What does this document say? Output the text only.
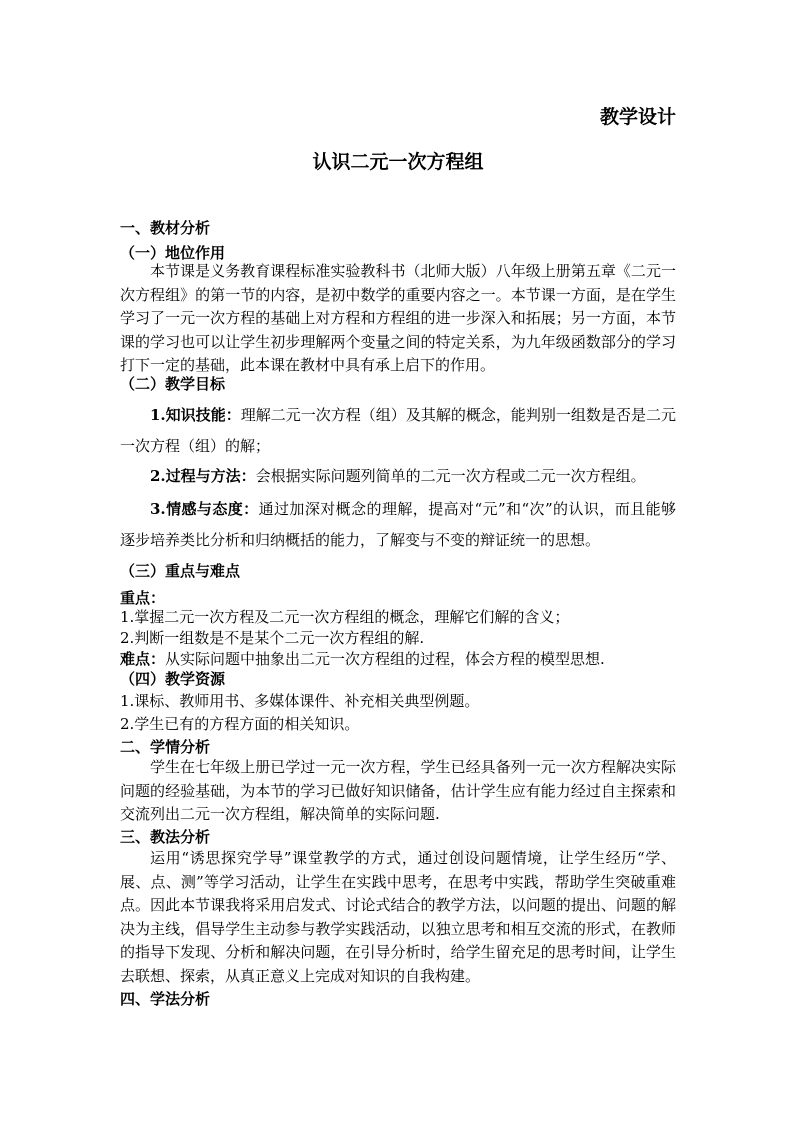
教学设计
认识二元一次方程组
一、教材分析
（一）地位作用

本节课是义务教育课程标准实验教科书（北师大版）八年级上册第五章《二元一次方程组》的第一节的内容，是初中数学的重要内容之一。本节课一方面，是在学生学习了一元一次方程的基础上对方程和方程组的进一步深入和拓展；另一方面，本节课的学习也可以让学生初步理解两个变量之间的特定关系，为九年级函数部分的学习打下一定的基础，此本课在教材中具有承上启下的作用。

（二）教学目标

1.知识技能：理解二元一次方程（组）及其解的概念，能判别一组数是否是二元一次方程（组）的解；

2.过程与方法：会根据实际问题列简单的二元一次方程或二元一次方程组。

3.情感与态度：通过加深对概念的理解，提高对“元”和“次”的认识，而且能够逐步培养类比分析和归纳概括的能力，了解变与不变的辩证统一的思想。

（三）重点与难点
重点：
1.掌握二元一次方程及二元一次方程组的概念，理解它们解的含义；
2.判断一组数是不是某个二元一次方程组的解.
难点：从实际问题中抽象出二元一次方程组的过程，体会方程的模型思想.
（四）教学资源
1.课标、教师用书、多媒体课件、补充相关典型例题。
2.学生已有的方程方面的相关知识。
二、学情分析

学生在七年级上册已学过一元一次方程，学生已经具备列一元一次方程解决实际问题的经验基础，为本节的学习已做好知识储备，估计学生应有能力经过自主探索和交流列出二元一次方程组，解决简单的实际问题.

三、教法分析

运用“诱思探究学导”课堂教学的方式，通过创设问题情境，让学生经历“学、展、点、测”等学习活动，让学生在实践中思考，在思考中实践，帮助学生突破重难点。因此本节课我将采用启发式、讨论式结合的教学方法，以问题的提出、问题的解决为主线，倡导学生主动参与教学实践活动，以独立思考和相互交流的形式，在教师的指导下发现、分析和解决问题，在引导分析时，给学生留充足的思考时间，让学生去联想、探索，从真正意义上完成对知识的自我构建。

四、学法分析
